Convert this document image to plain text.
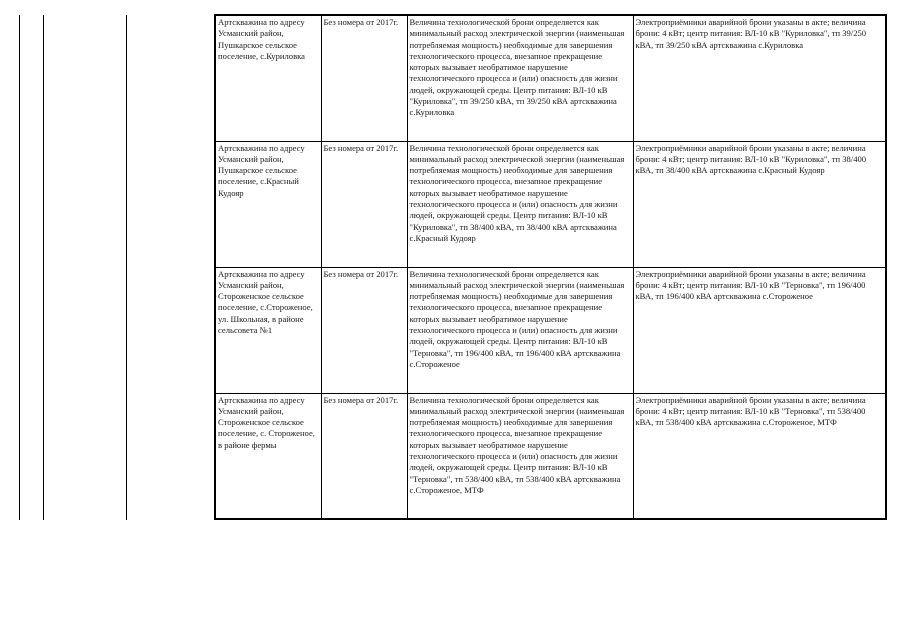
Артскважина по адресу Усманский район, Пушкарское сельское поселение, с.Куриловка	Без номера от 2017г.	Величина технологической брони определяется как минимальный расход электрической энергии (наименьшая потребляемая мощность) необходимые для завершения технологического процесса, внезапное прекращение которых вызывает необратимое нарушение технологического процесса и (или) опасность для жизни людей, окружающей среды. Центр питания: ВЛ-10 кВ "Куриловка", тп 39/250 кВА, тп 39/250 кВА артскважина с.Куриловка	Электроприёмники аварийной брони указаны в акте; величина брони: 4 кВт; центр питания: ВЛ-10 кВ "Куриловка", тп 39/250 кВА, тп 39/250 кВА артскважина с.Куриловка
Артскважина по адресу Усманский район, Пушкарское сельское поселение, с.Красный Кудояр	Без номера от 2017г.	Величина технологической брони определяется как минимальный расход электрической энергии (наименьшая потребляемая мощность) необходимые для завершения технологического процесса, внезапное прекращение которых вызывает необратимое нарушение технологического процесса и (или) опасность для жизни людей, окружающей среды. Центр питания: ВЛ-10 кВ "Куриловка", тп 38/400 кВА, тп 38/400 кВА артскважина с.Красный Кудояр	Электроприёмники аварийной брони указаны в акте; величина брони: 4 кВт; центр питания: ВЛ-10 кВ "Куриловка", тп 38/400 кВА, тп 38/400 кВА артскважина с.Красный Кудояр
Артскважина по адресу Усманский район, Стороженское сельское поселение, с.Стороженое, ул. Школьная, в районе сельсовета №1	Без номера от 2017г.	Величина технологической брони определяется как минимальный расход электрической энергии (наименьшая потребляемая мощность) необходимые для завершения технологического процесса, внезапное прекращение которых вызывает необратимое нарушение технологического процесса и (или) опасность для жизни людей, окружающей среды. Центр питания: ВЛ-10 кВ "Терновка", тп 196/400 кВА, тп 196/400 кВА артскважина с.Стороженое	Электроприёмники аварийной брони указаны в акте; величина брони: 4 кВт; центр питания: ВЛ-10 кВ "Терновка", тп 196/400 кВА, тп 196/400 кВА артскважина с.Стороженое
Артскважина по адресу Усманский район, Стороженское сельское поселение, с. Стороженое, в районе фермы	Без номера от 2017г.	Величина технологической брони определяется как минимальный расход электрической энергии (наименьшая потребляемая мощность) необходимые для завершения технологического процесса, внезапное прекращение которых вызывает необратимое нарушение технологического процесса и (или) опасность для жизни людей, окружающей среды. Центр питания: ВЛ-10 кВ "Терновка", тп 538/400 кВА, тп 538/400 кВА артскважина с.Стороженое, МТФ	Электроприёмники аварийной брони указаны в акте; величина брони: 4 кВт; центр питания: ВЛ-10 кВ "Терновка", тп 538/400 кВА, тп 538/400 кВА артскважина с.Стороженое, МТФ
